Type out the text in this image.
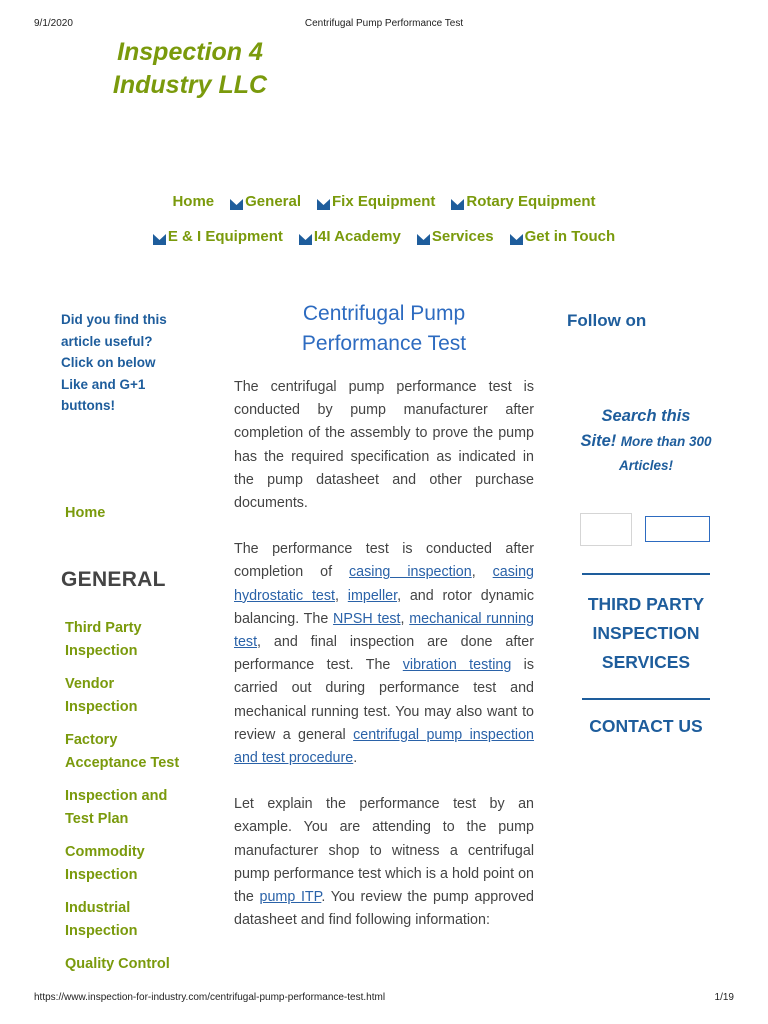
9/1/2020	Centrifugal Pump Performance Test
https://www.inspection-for-industry.com/centrifugal-pump-performance-test.html	1/19
Inspection 4
Industry LLC
Home General Fix Equipment Rotary Equipment
E & I Equipment I4I Academy Services Get in Touch
Did you find this
article useful?
Click on below
Like and G+1
buttons!
Home
GENERAL
Third Party
Inspection
Vendor
Inspection
Factory
Acceptance Test
Inspection and
Test Plan
Commodity
Inspection
Industrial
Inspection
Quality Control
Centrifugal Pump
Performance Test

The centrifugal pump performance test is conducted by pump manufacturer after completion of the assembly to prove the pump has the required specification as indicated in the pump datasheet and other purchase documents.

The performance test is conducted after completion of casing inspection, casing hydrostatic test, impeller, and rotor dynamic balancing. The NPSH test, mechanical running test, and final inspection are done after performance test. The vibration testing is carried out during performance test and mechanical running test. You may also want to review a general centrifugal pump inspection and test procedure.

Let explain the performance test by an example. You are attending to the pump manufacturer shop to witness a centrifugal pump performance test which is a hold point on the pump ITP. You review the pump approved datasheet and find following information:

Follow on
Search this
Site! More than 300
Articles!
THIRD PARTY
INSPECTION
SERVICES
CONTACT US
